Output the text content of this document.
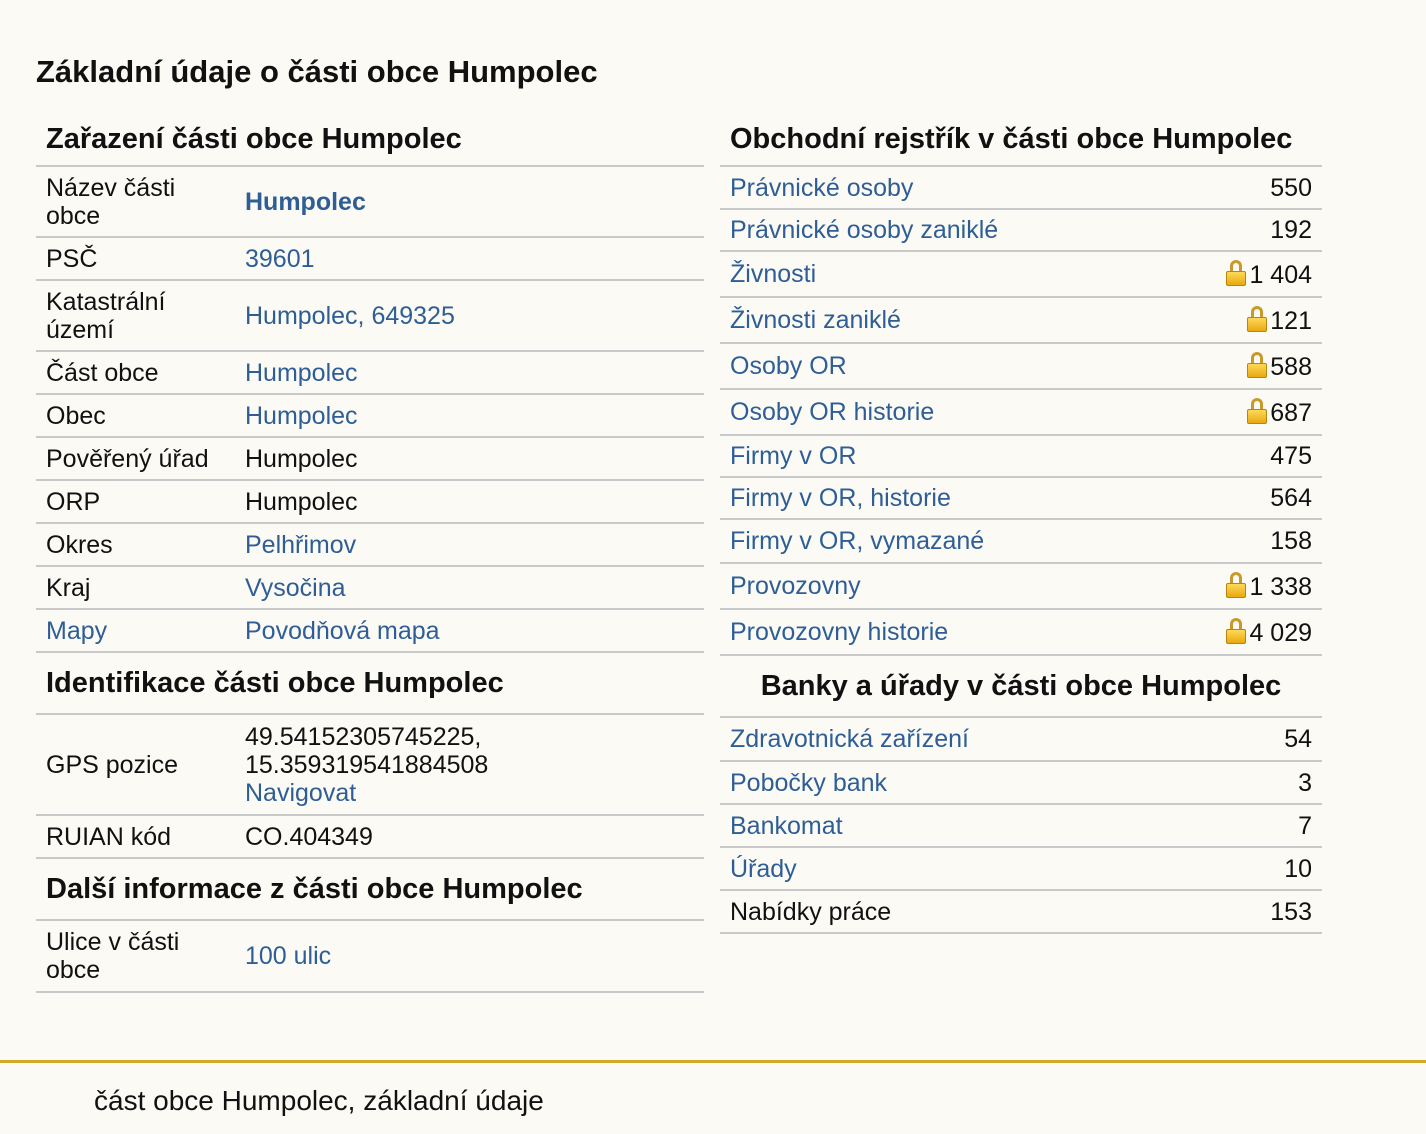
Základní údaje o části obce Humpolec
Zařazení části obce Humpolec
Název části obce	Humpolec
PSČ	39601
Katastrální území	Humpolec, 649325
Část obce	Humpolec
Obec	Humpolec
Pověřený úřad	Humpolec
ORP	Humpolec
Okres	Pelhřimov
Kraj	Vysočina
Mapy	Povodňová mapa
Identifikace části obce Humpolec
GPS pozice	49.54152305745225,
15.359319541884508
Navigovat
RUIAN kód	CO.404349
Další informace z části obce Humpolec
Ulice v části obce	100 ulic
Obchodní rejstřík v části obce Humpolec
Právnické osoby	550
Právnické osoby zaniklé	192
Živnosti	1 404
Živnosti zaniklé	121
Osoby OR	588
Osoby OR historie	687
Firmy v OR	475
Firmy v OR, historie	564
Firmy v OR, vymazané	158
Provozovny	1 338
Provozovny historie	4 029
Banky a úřady v části obce Humpolec
Zdravotnická zařízení	54
Pobočky bank	3
Bankomat	7
Úřady	10
Nabídky práce	153
část obce Humpolec, základní údaje
